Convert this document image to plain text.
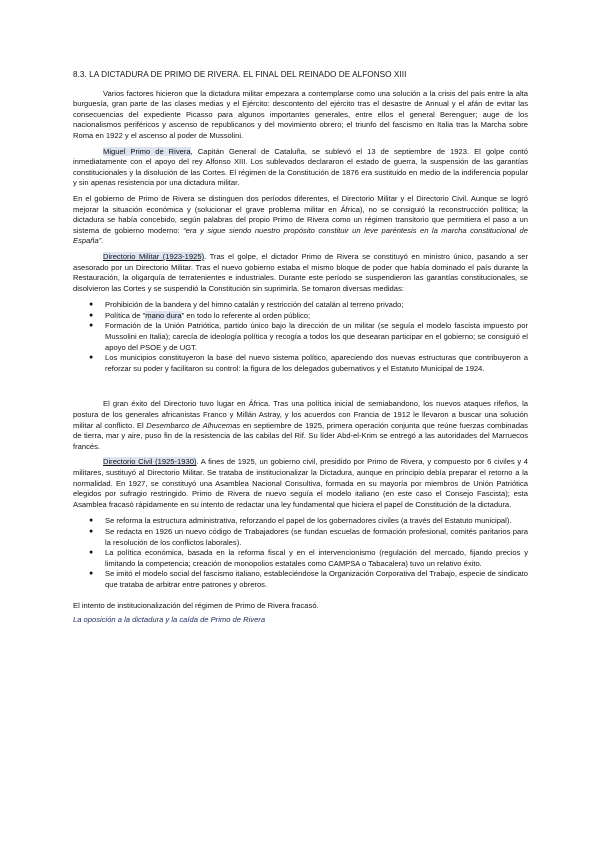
8.3. LA DICTADURA DE PRIMO DE RIVERA. EL FINAL DEL REINADO DE ALFONSO XIII

Varios factores hicieron que la dictadura militar empezara a contemplarse como una solución a la crisis del país entre la alta burguesía, gran parte de las clases medias y el Ejército: descontento del ejército tras el desastre de Annual y el afán de evitar las consecuencias del expediente Picasso para algunos importantes generales, entre ellos el general Berenguer; auge de los nacionalismos periféricos y ascenso de republicanos y del movimiento obrero; el triunfo del fascismo en Italia tras la Marcha sobre Roma en 1922 y el ascenso al poder de Mussolini.

Miguel Primo de Rivera, Capitán General de Cataluña, se sublevó el 13 de septiembre de 1923. El golpe contó inmediatamente con el apoyo del rey Alfonso XIII. Los sublevados declararon el estado de guerra, la suspensión de las garantías constitucionales y la disolución de las Cortes. El régimen de la Constitución de 1876 era sustituido en medio de la indiferencia popular y sin apenas resistencia por una dictadura militar.

En el gobierno de Primo de Rivera se distinguen dos períodos diferentes, el Directorio Militar y el Directorio Civil. Aunque se logró mejorar la situación económica y (solucionar el grave problema militar en África), no se consiguió la reconstrucción política; la dictadura se había concebido, según palabras del propio Primo de Rivera como un régimen transitorio que permitiera el paso a un sistema de gobierno moderno: “era y sigue siendo nuestro propósito constituir un leve paréntesis en la marcha constitucional de España”.

Directorio Militar (1923-1925). Tras el golpe, el dictador Primo de Rivera se constituyó en ministro único, pasando a ser asesorado por un Directorio Militar. Tras el nuevo gobierno estaba el mismo bloque de poder que había dominado el país durante la Restauración, la oligarquía de terratenientes e industriales. Durante este período se suspendieron las garantías constitucionales, se disolvieron las Cortes y se suspendió la Constitución sin suprimirla. Se tomaron diversas medidas:

● Prohibición de la bandera y del himno catalán y restricción del catalán al terreno privado;
● Política de "mano dura" en todo lo referente al orden público;
● Formación de la Unión Patriótica, partido único bajo la dirección de un militar (se seguía el modelo fascista impuesto por Mussolini en Italia); carecía de ideología política y recogía a todos los que desearan participar en el gobierno; se consiguió el apoyo del PSOE y de UGT.
● Los municipios constituyeron la base del nuevo sistema político, apareciendo dos nuevas estructuras que contribuyeron a reforzar su poder y facilitaron su control: la figura de los delegados gubernativos y el Estatuto Municipal de 1924.

El gran éxito del Directorio tuvo lugar en África. Tras una política inicial de semiabandono, los nuevos ataques rifeños, la postura de los generales africanistas Franco y Millán Astray, y los acuerdos con Francia de 1912 le llevaron a buscar una solución militar al conflicto. El Desembarco de Alhucemas en septiembre de 1925, primera operación conjunta que reúne fuerzas combinadas de tierra, mar y aire, puso fin de la resistencia de las cabilas del Rif. Su líder Abd-el-Krim se entregó a las autoridades del Marruecos francés.

Directorio Civil (1925-1930). A fines de 1925, un gobierno civil, presidido por Primo de Rivera, y compuesto por 6 civiles y 4 militares, sustituyó al Directorio Militar. Se trataba de institucionalizar la Dictadura, aunque en principio debía preparar el retorno a la normalidad. En 1927, se constituyó una Asamblea Nacional Consultiva, formada en su mayoría por miembros de Unión Patriótica elegidos por sufragio restringido. Primo de Rivera de nuevo seguía el modelo italiano (en este caso el Consejo Fascista); esta Asamblea fracasó rápidamente en su intento de redactar una ley fundamental que hiciera el papel de Constitución de la dictadura.

● Se reforma la estructura administrativa, reforzando el papel de los gobernadores civiles (a través del Estatuto municipal).
● Se redacta en 1926 un nuevo código de Trabajadores (se fundan escuelas de formación profesional, comités paritarios para la resolución de los conflictos laborales).
● La política económica, basada en la reforma fiscal y en el intervencionismo (regulación del mercado, fijando precios y limitando la competencia; creación de monopolios estatales como CAMPSA o Tabacalera) tuvo un relativo éxito.
● Se imitó el modelo social del fascismo italiano, estableciéndose la Organización Corporativa del Trabajo, especie de sindicato que trataba de arbitrar entre patrones y obreros.

El intento de institucionalización del régimen de Primo de Rivera fracasó.

La oposición a la dictadura y la caída de Primo de Rivera
